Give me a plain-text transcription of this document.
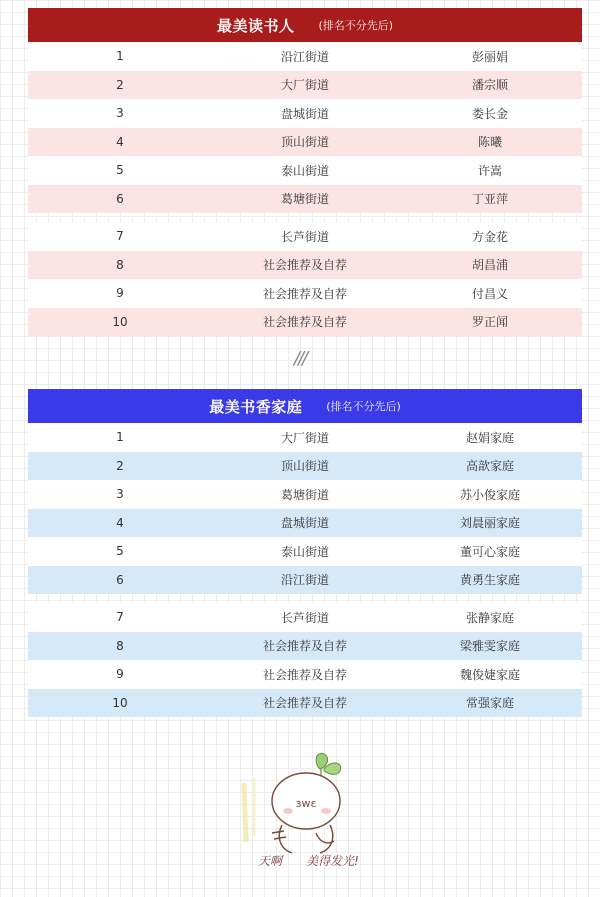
最美读书人 (排名不分先后)
1	沿江街道	彭丽娟
2	大厂街道	潘宗顺
3	盘城街道	娄长金
4	顶山街道	陈曦
5	泰山街道	许嵩
6	葛塘街道	丁亚萍
7	长芦街道	方金花
8	社会推荐及自荐	胡昌浦
9	社会推荐及自荐	付昌义
10	社会推荐及自荐	罗正闻
///
最美书香家庭 (排名不分先后)
1	大厂街道	赵娟家庭
2	顶山街道	高歆家庭
3	葛塘街道	苏小俊家庭
4	盘城街道	刘晨丽家庭
5	泰山街道	董可心家庭
6	沿江街道	黄勇生家庭
7	长芦街道	张静家庭
8	社会推荐及自荐	梁雅雯家庭
9	社会推荐及自荐	魏俊婕家庭
10	社会推荐及自荐	常强家庭
ɜwɛ
天啊 美得发光!
